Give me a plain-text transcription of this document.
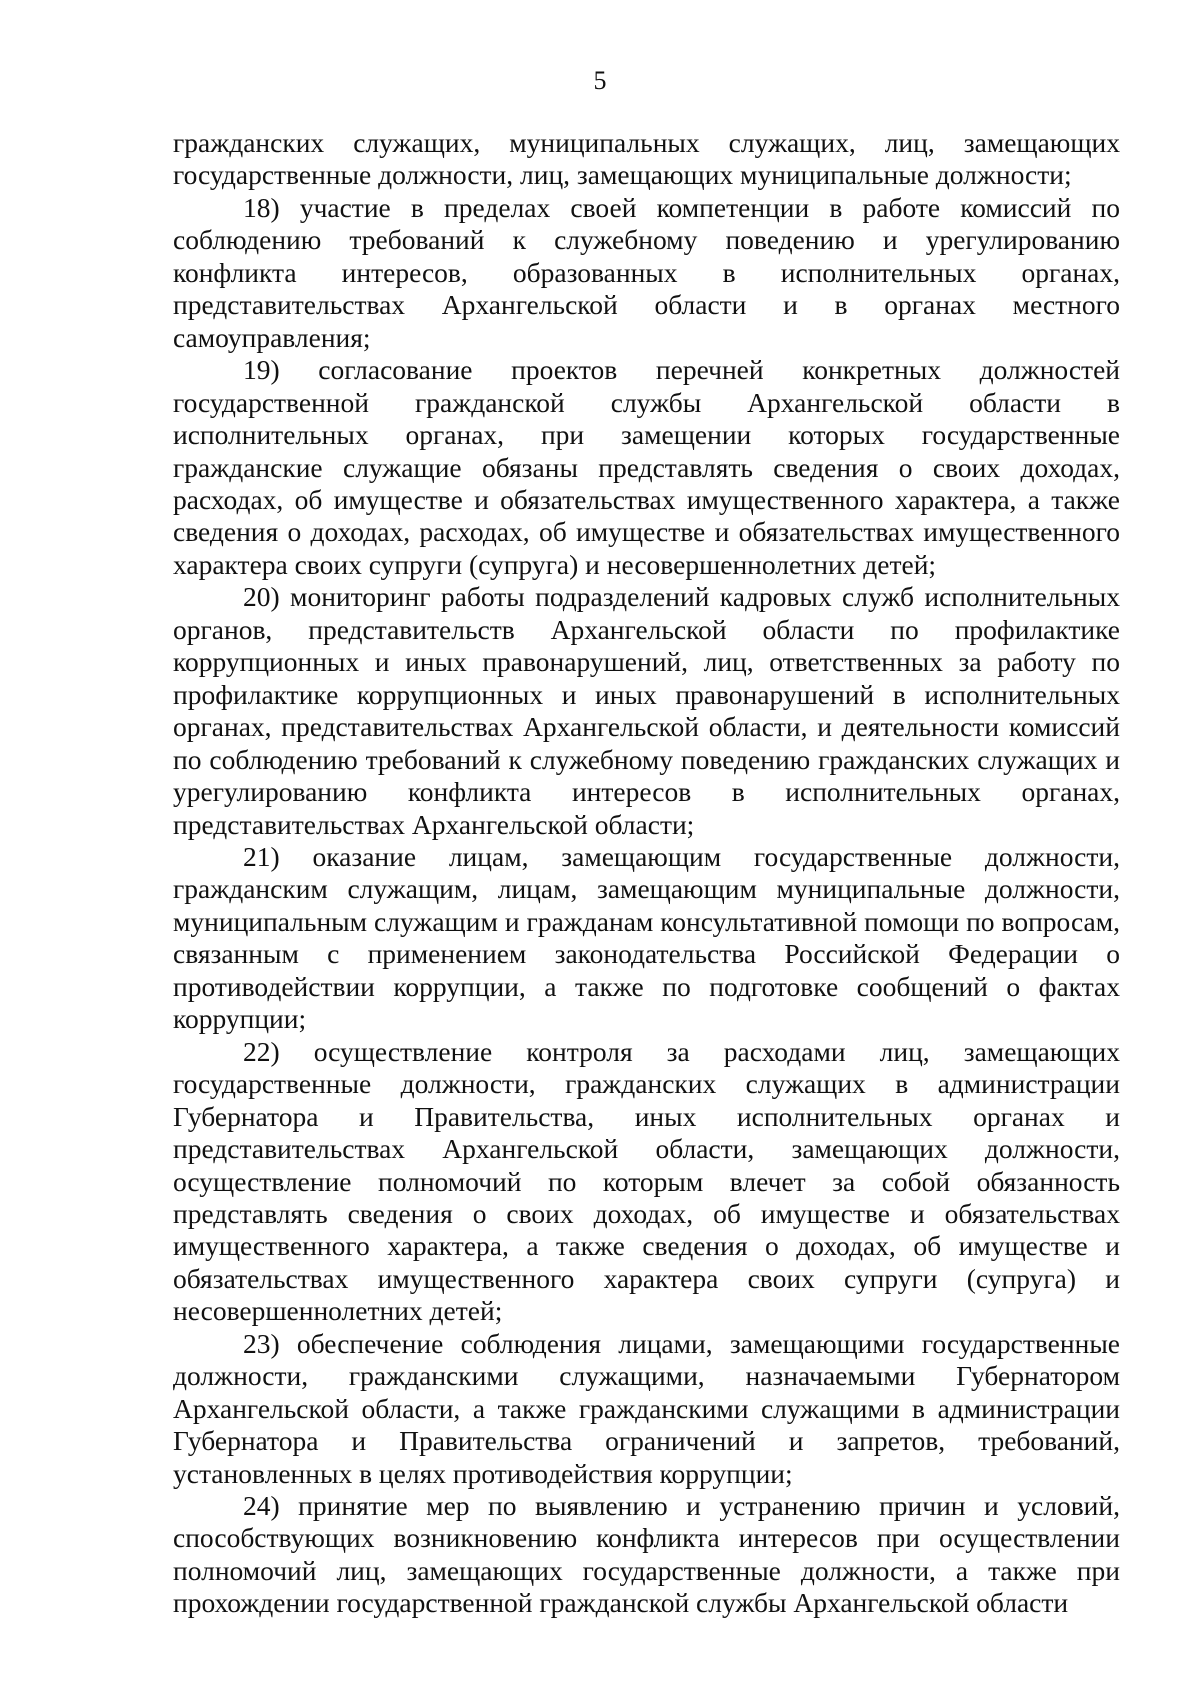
5

гражданских служащих, муниципальных служащих, лиц, замещающих государственные должности, лиц, замещающих муниципальные должности;

18) участие в пределах своей компетенции в работе комиссий по соблюдению требований к служебному поведению и урегулированию конфликта интересов, образованных в исполнительных органах, представительствах Архангельской области и в органах местного самоуправления;

19) согласование проектов перечней конкретных должностей государственной гражданской службы Архангельской области в исполнительных органах, при замещении которых государственные гражданские служащие обязаны представлять сведения о своих доходах, расходах, об имуществе и обязательствах имущественного характера, а также сведения о доходах, расходах, об имуществе и обязательствах имущественного характера своих супруги (супруга) и несовершеннолетних детей;

20) мониторинг работы подразделений кадровых служб исполнительных органов, представительств Архангельской области по профилактике коррупционных и иных правонарушений, лиц, ответственных за работу по профилактике коррупционных и иных правонарушений в исполнительных органах, представительствах Архангельской области, и деятельности комиссий по соблюдению требований к служебному поведению гражданских служащих и урегулированию конфликта интересов в исполнительных органах, представительствах Архангельской области;

21) оказание лицам, замещающим государственные должности, гражданским служащим, лицам, замещающим муниципальные должности, муниципальным служащим и гражданам консультативной помощи по вопросам, связанным с применением законодательства Российской Федерации о противодействии коррупции, а также по подготовке сообщений о фактах коррупции;

22) осуществление контроля за расходами лиц, замещающих государственные должности, гражданских служащих в администрации Губернатора и Правительства, иных исполнительных органах и представительствах Архангельской области, замещающих должности, осуществление полномочий по которым влечет за собой обязанность представлять сведения о своих доходах, об имуществе и обязательствах имущественного характера, а также сведения о доходах, об имуществе и обязательствах имущественного характера своих супруги (супруга) и несовершеннолетних детей;

23) обеспечение соблюдения лицами, замещающими государственные должности, гражданскими служащими, назначаемыми Губернатором Архангельской области, а также гражданскими служащими в администрации Губернатора и Правительства ограничений и запретов, требований, установленных в целях противодействия коррупции;

24) принятие мер по выявлению и устранению причин и условий, способствующих возникновению конфликта интересов при осуществлении полномочий лиц, замещающих государственные должности, а также при прохождении государственной гражданской службы Архангельской области
